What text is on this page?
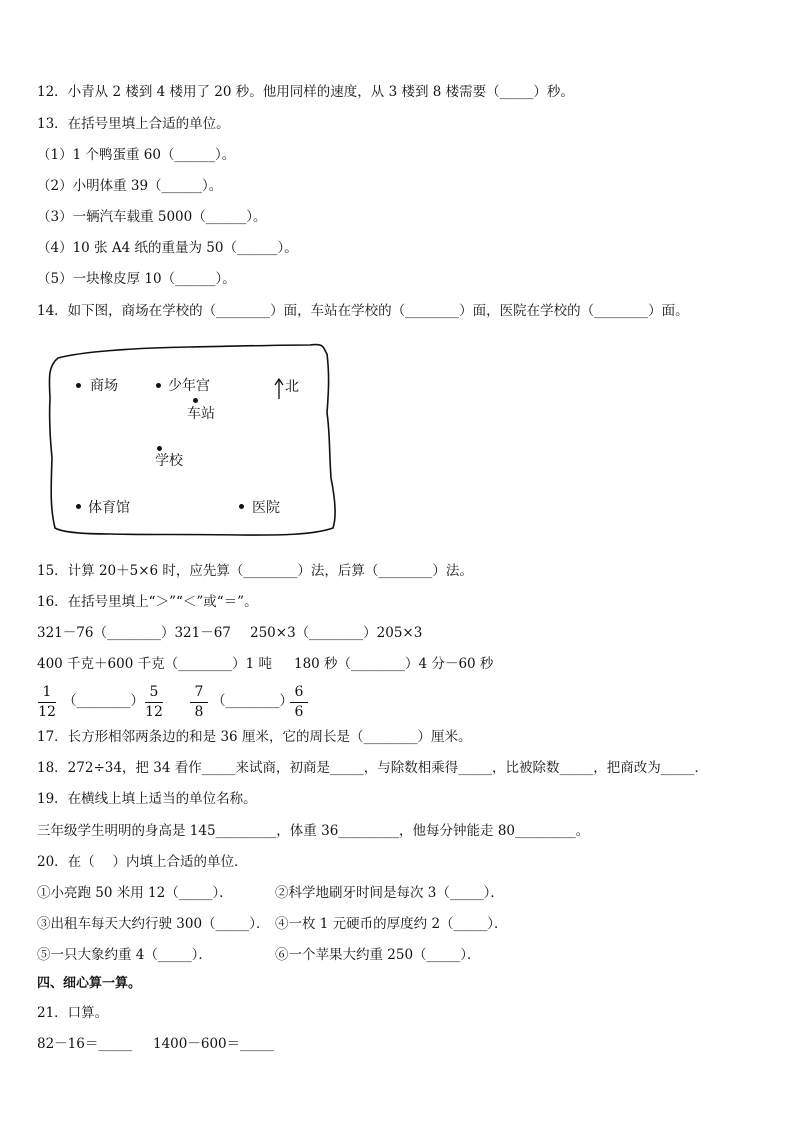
12．小青从 2 楼到 4 楼用了 20 秒。他用同样的速度，从 3 楼到 8 楼需要（_____）秒。
13．在括号里填上合适的单位。
（1）1 个鸭蛋重 60（______）。
（2）小明体重 39（______）。
（3）一辆汽车载重 5000（______）。
（4）10 张 A4 纸的重量为 50（______）。
（5）一块橡皮厚 10（______）。
14．如下图，商场在学校的（________）面，车站在学校的（________）面，医院在学校的（________）面。
商场	少年宫	北
车站
学校
体育馆	医院
15．计算 20＋5×6 时，应先算（________）法，后算（________）法。
16．在括号里填上“＞”“＜”或“＝”。
321－76（________）321－67 250×3（________）205×3
400 千克＋600 千克（________）1 吨 180 秒（________）4 分－60 秒
1
12
（________）
5
12
7
8
（________）
6
6
17．长方形相邻两条边的和是 36 厘米，它的周长是（________）厘米。
18．272÷34，把 34 看作_____来试商，初商是_____，与除数相乘得_____，比被除数_____，把商改为_____．
19．在横线上填上适当的单位名称。
三年级学生明明的身高是 145_________，体重 36_________，他每分钟能走 80_________。
20．在（　 ）内填上合适的单位．
①小亮跑 50 米用 12（_____）．	②科学地刷牙时间是每次 3（_____）．
③出租车每天大约行驶 300（_____）． ④一枚 1 元硬币的厚度约 2（_____）．
⑤一只大象约重 4（_____）．	⑥一个苹果大约重 250（_____）．
四、细心算一算。
21．口算。
82－16＝_____ 1400－600＝_____
